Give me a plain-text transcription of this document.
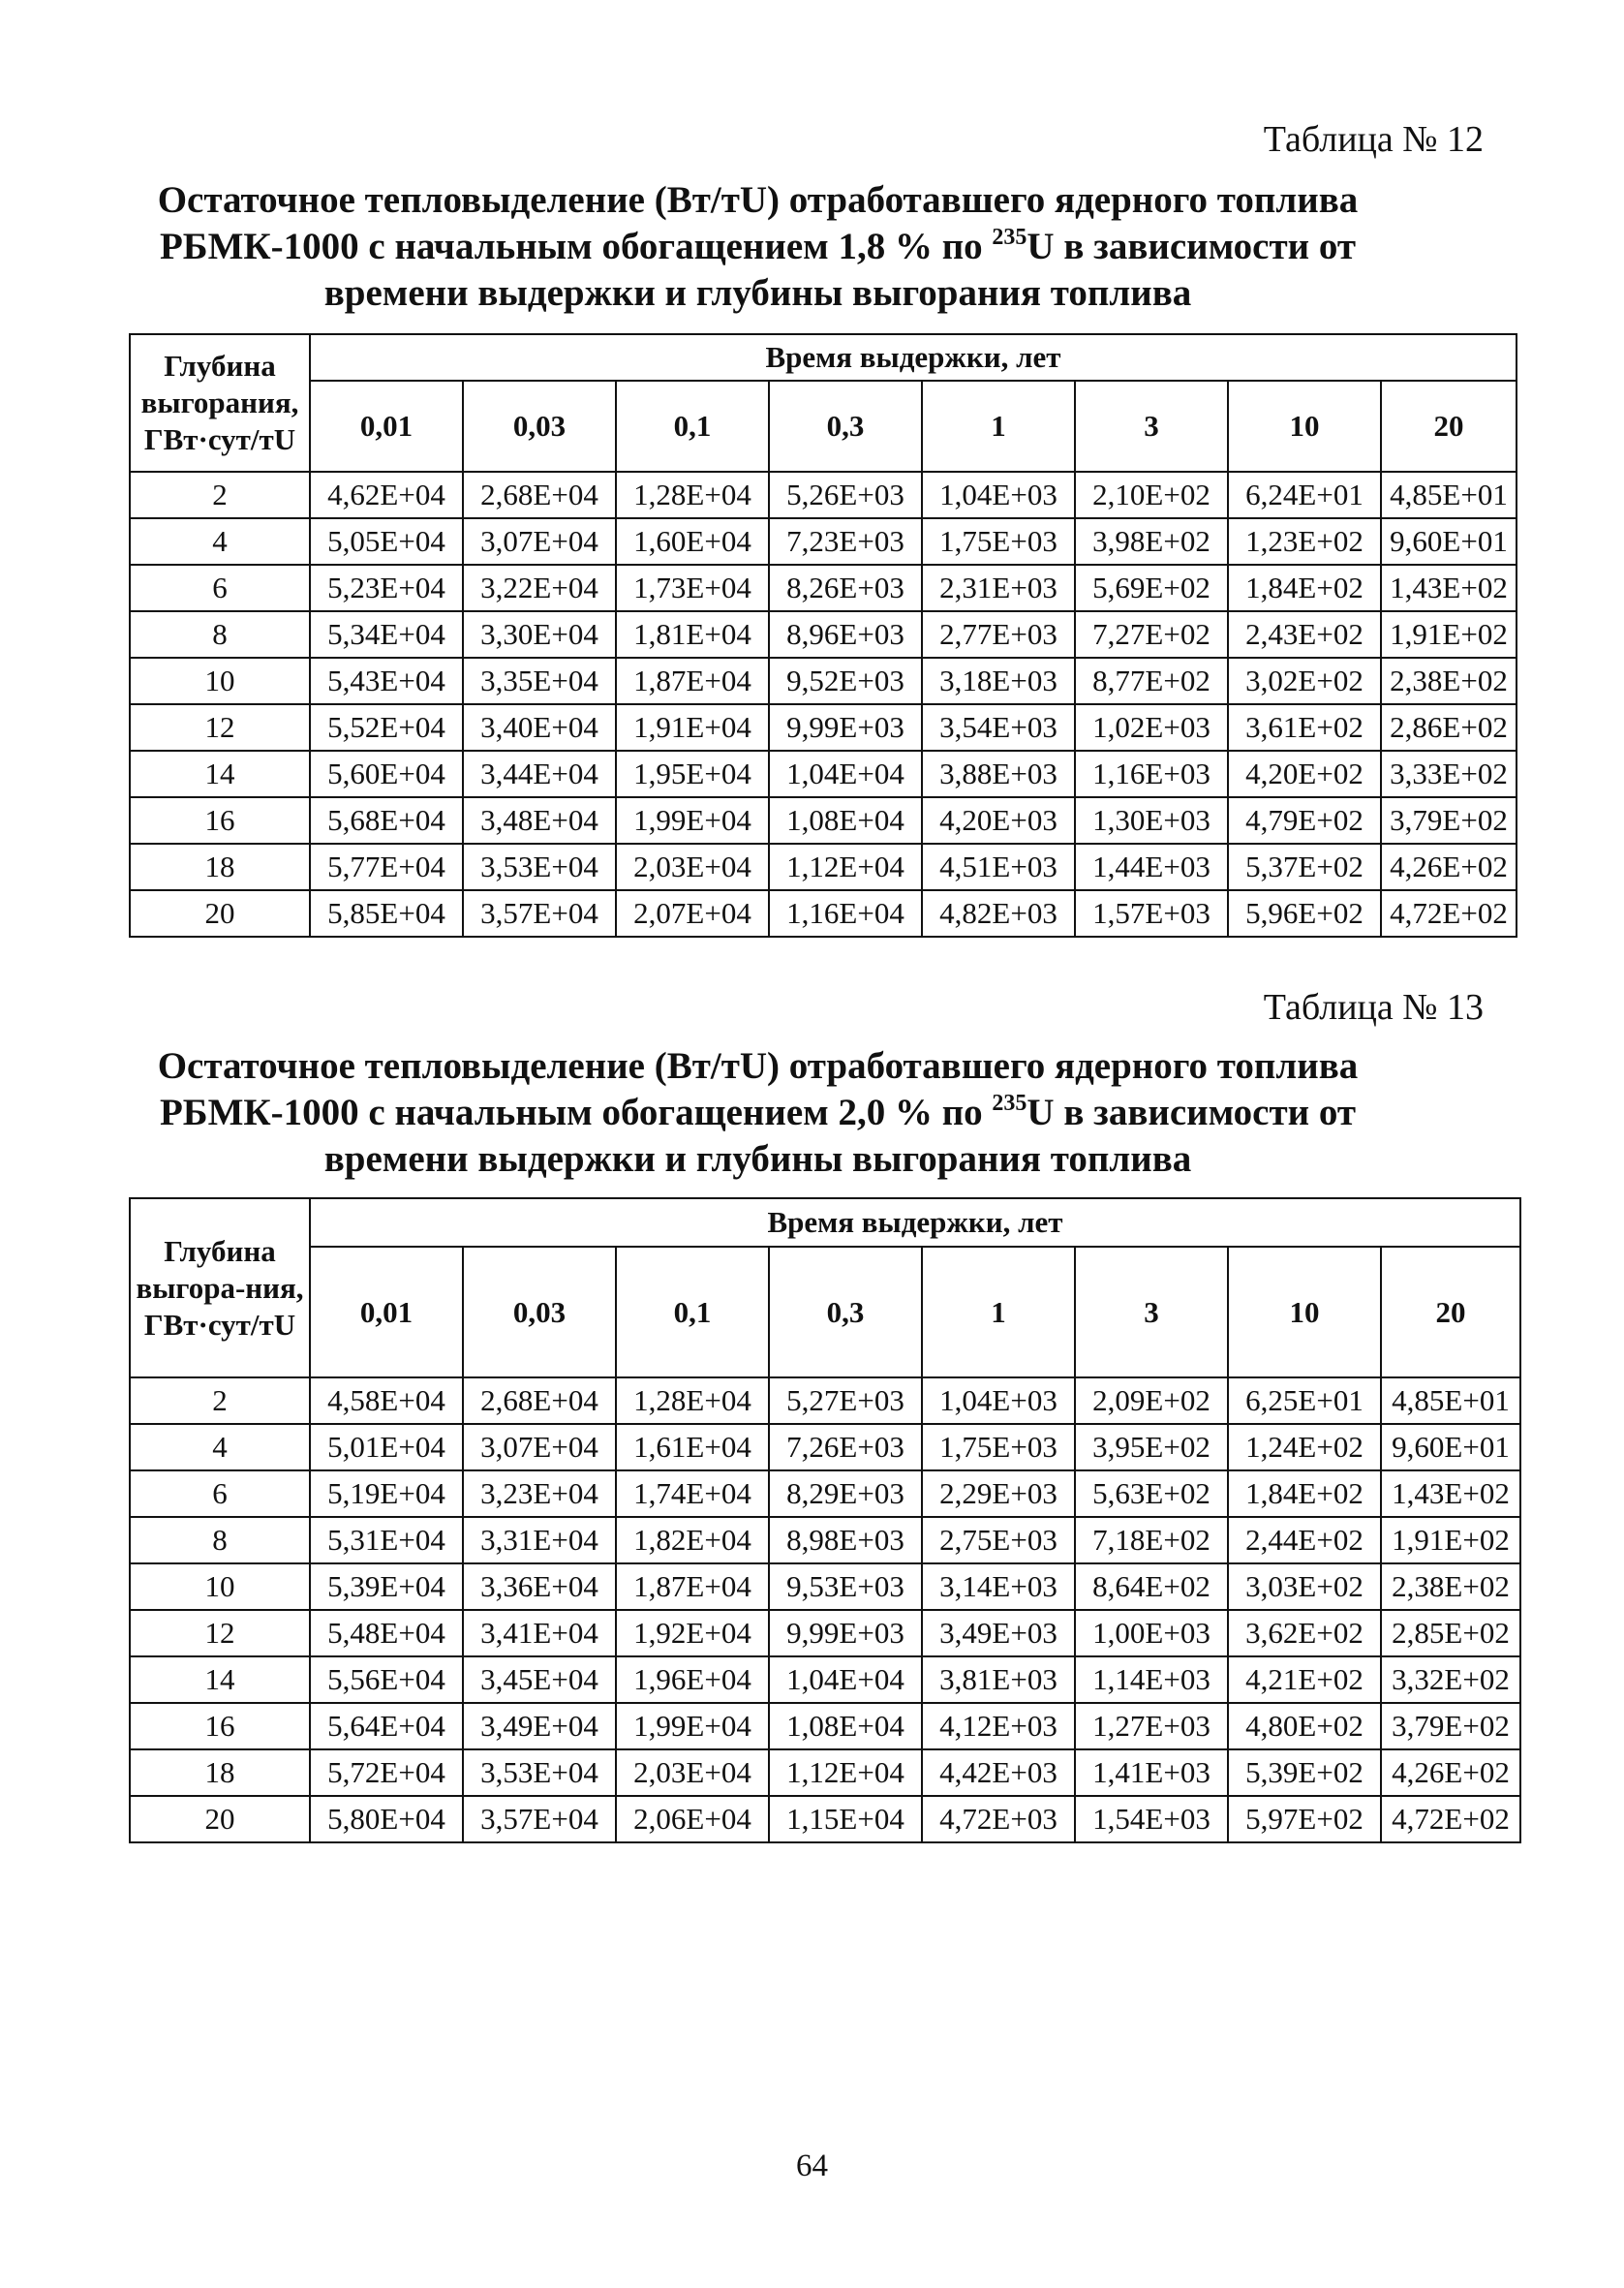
Таблица № 12
Остаточное тепловыделение (Вт/тU) отработавшего ядерного топлива
РБМК-1000 с начальным обогащением 1,8 % по $^{235}$U в зависимости от
времени выдержки и глубины выгорания топлива
Глубина выгорания, ГВт·сут/тU	Время выдержки, лет							
	0,01	0,03	0,1	0,3	1	3	10	20
2	4,62E+04	2,68E+04	1,28E+04	5,26E+03	1,04E+03	2,10E+02	6,24E+01	4,85E+01
4	5,05E+04	3,07E+04	1,60E+04	7,23E+03	1,75E+03	3,98E+02	1,23E+02	9,60E+01
6	5,23E+04	3,22E+04	1,73E+04	8,26E+03	2,31E+03	5,69E+02	1,84E+02	1,43E+02
8	5,34E+04	3,30E+04	1,81E+04	8,96E+03	2,77E+03	7,27E+02	2,43E+02	1,91E+02
10	5,43E+04	3,35E+04	1,87E+04	9,52E+03	3,18E+03	8,77E+02	3,02E+02	2,38E+02
12	5,52E+04	3,40E+04	1,91E+04	9,99E+03	3,54E+03	1,02E+03	3,61E+02	2,86E+02
14	5,60E+04	3,44E+04	1,95E+04	1,04E+04	3,88E+03	1,16E+03	4,20E+02	3,33E+02
16	5,68E+04	3,48E+04	1,99E+04	1,08E+04	4,20E+03	1,30E+03	4,79E+02	3,79E+02
18	5,77E+04	3,53E+04	2,03E+04	1,12E+04	4,51E+03	1,44E+03	5,37E+02	4,26E+02
20	5,85E+04	3,57E+04	2,07E+04	1,16E+04	4,82E+03	1,57E+03	5,96E+02	4,72E+02
Таблица № 13
Остаточное тепловыделение (Вт/тU) отработавшего ядерного топлива
РБМК-1000 с начальным обогащением 2,0 % по $^{235}$U в зависимости от
времени выдержки и глубины выгорания топлива
Глубина выгора-ния, ГВт·сут/тU	Время выдержки, лет							
	0,01	0,03	0,1	0,3	1	3	10	20
2	4,58E+04	2,68E+04	1,28E+04	5,27E+03	1,04E+03	2,09E+02	6,25E+01	4,85E+01
4	5,01E+04	3,07E+04	1,61E+04	7,26E+03	1,75E+03	3,95E+02	1,24E+02	9,60E+01
6	5,19E+04	3,23E+04	1,74E+04	8,29E+03	2,29E+03	5,63E+02	1,84E+02	1,43E+02
8	5,31E+04	3,31E+04	1,82E+04	8,98E+03	2,75E+03	7,18E+02	2,44E+02	1,91E+02
10	5,39E+04	3,36E+04	1,87E+04	9,53E+03	3,14E+03	8,64E+02	3,03E+02	2,38E+02
12	5,48E+04	3,41E+04	1,92E+04	9,99E+03	3,49E+03	1,00E+03	3,62E+02	2,85E+02
14	5,56E+04	3,45E+04	1,96E+04	1,04E+04	3,81E+03	1,14E+03	4,21E+02	3,32E+02
16	5,64E+04	3,49E+04	1,99E+04	1,08E+04	4,12E+03	1,27E+03	4,80E+02	3,79E+02
18	5,72E+04	3,53E+04	2,03E+04	1,12E+04	4,42E+03	1,41E+03	5,39E+02	4,26E+02
20	5,80E+04	3,57E+04	2,06E+04	1,15E+04	4,72E+03	1,54E+03	5,97E+02	4,72E+02
64
